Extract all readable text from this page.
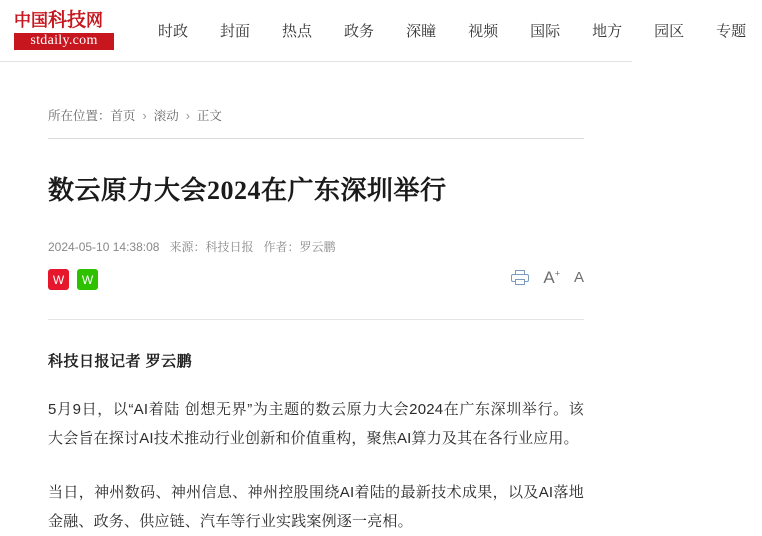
中国科技网
stdaily.com
时政	封面	热点	政务	深瞳	视频	国际	地方	园区	专题
所在位置：首页 › 滚动 › 正文
数云原力大会2024在广东深圳举行
2024-05-10 14:38:08 来源：科技日报 作者：罗云鹏
W	W	A+ A
科技日报记者 罗云鹏

5月9日，以“AI着陆 创想无界”为主题的数云原力大会2024在广东深圳举行。该大会旨在探讨AI技术推动行业创新和价值重构，聚焦AI算力及其在各行业应用。

当日，神州数码、神州信息、神州控股围绕AI着陆的最新技术成果，以及AI落地金融、政务、供应链、汽车等行业实践案例逐一亮相。
